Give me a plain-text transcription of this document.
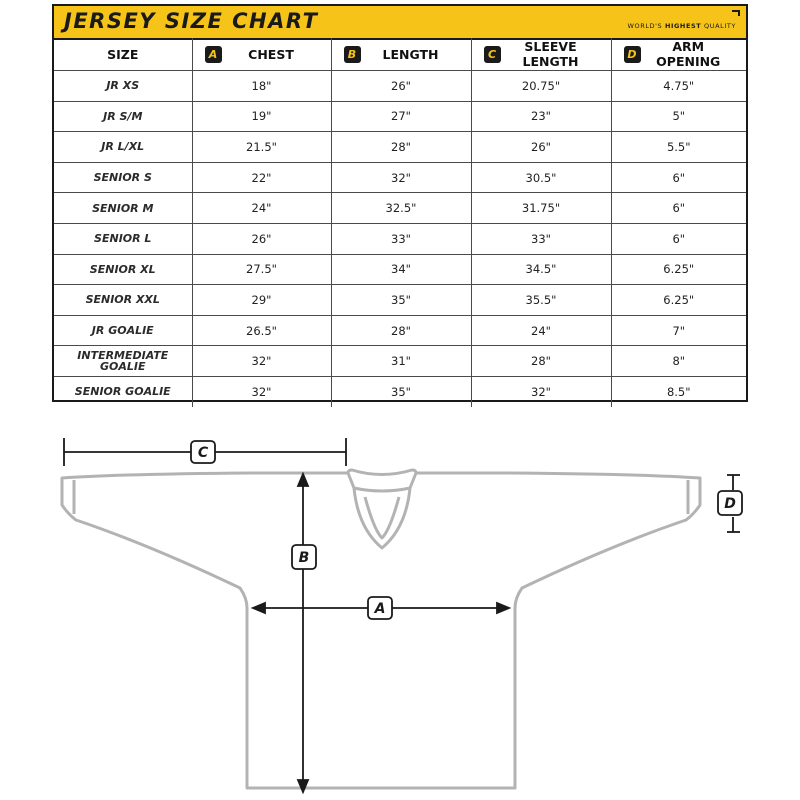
JERSEY SIZE CHART	WORLD'S HIGHEST QUALITY
SIZE	A CHEST	B LENGTH	C SLEEVE LENGTH	D ARM OPENING

JR XS	18"	26"	20.75"	4.75"
JR S/M	19"	27"	23"	5"
JR L/XL	21.5"	28"	26"	5.5"
SENIOR S	22"	32"	30.5"	6"
SENIOR M	24"	32.5"	31.75"	6"
SENIOR L	26"	33"	33"	6"
SENIOR XL	27.5"	34"	34.5"	6.25"
SENIOR XXL	29"	35"	35.5"	6.25"
JR GOALIE	26.5"	28"	24"	7"
INTERMEDIATE GOALIE	32"	31"	28"	8"
SENIOR GOALIE	32"	35"	32"	8.5"
C
B
A
D
